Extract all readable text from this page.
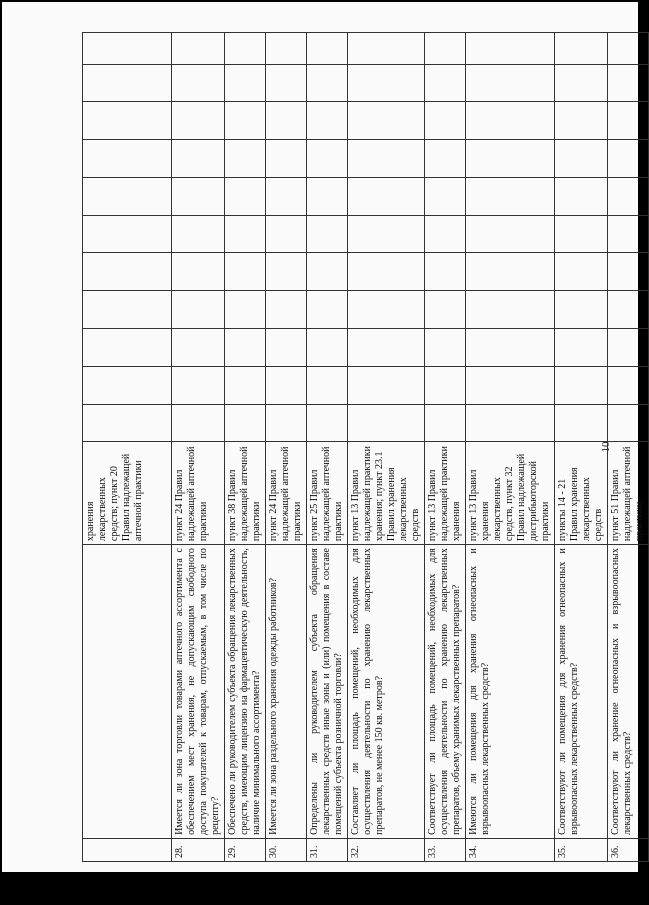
10
		хранения лекарственных средств; пункт 20 Правил надлежащей аптечной практики											
28.	Имеется ли зона торговли товарами аптечного ассортимента с обеспечением мест хранения, не допускающим свободного доступа покупателей к товарам, отпускаемым, в том числе по рецепту?	пункт 24 Правил надлежащей аптечной практики											
29.	Обеспечено ли руководителем субъекта обращения лекарственных средств, имеющим лицензию на фармацевтическую деятельность, наличие минимального ассортимента?	пункт 38 Правил надлежащей аптечной практики											
30.	Имеется ли зона раздельного хранения одежды работников?	пункт 24 Правил надлежащей аптечной практики											
31.	Определены ли руководителем субъекта обращения лекарственных средств иные зоны и (или) помещения в составе помещений субъекта розничной торговли?	пункт 25 Правил надлежащей аптечной практики											
32.	Составляет ли площадь помещений, необходимых для осуществления деятельности по хранению лекарственных препаратов, не менее 150 кв. метров?	пункт 13 Правил надлежащей практики хранения; пункт 23.1 Правил хранения лекарственных средств											
33.	Соответствует ли площадь помещений, необходимых для осуществления деятельности по хранению лекарственных препаратов, объему хранимых лекарственных препаратов?	пункт 13 Правил надлежащей практики хранения											
34.	Имеются ли помещения для хранения огнеопасных и взрывоопасных лекарственных средств?	пункт 13 Правил хранения лекарственных средств, пункт 32 Правил надлежащей дистрибьюторской практики											
35.	Соответствуют ли помещения для хранения огнеопасных и взрывоопасных лекарственных средств?	пункты 14 - 21 Правил хранения лекарственных средств											
36.	Соответствуют ли хранение огнеопасных и взрывоопасных лекарственных средств?	пункт 51 Правил надлежащей аптечной практики											
